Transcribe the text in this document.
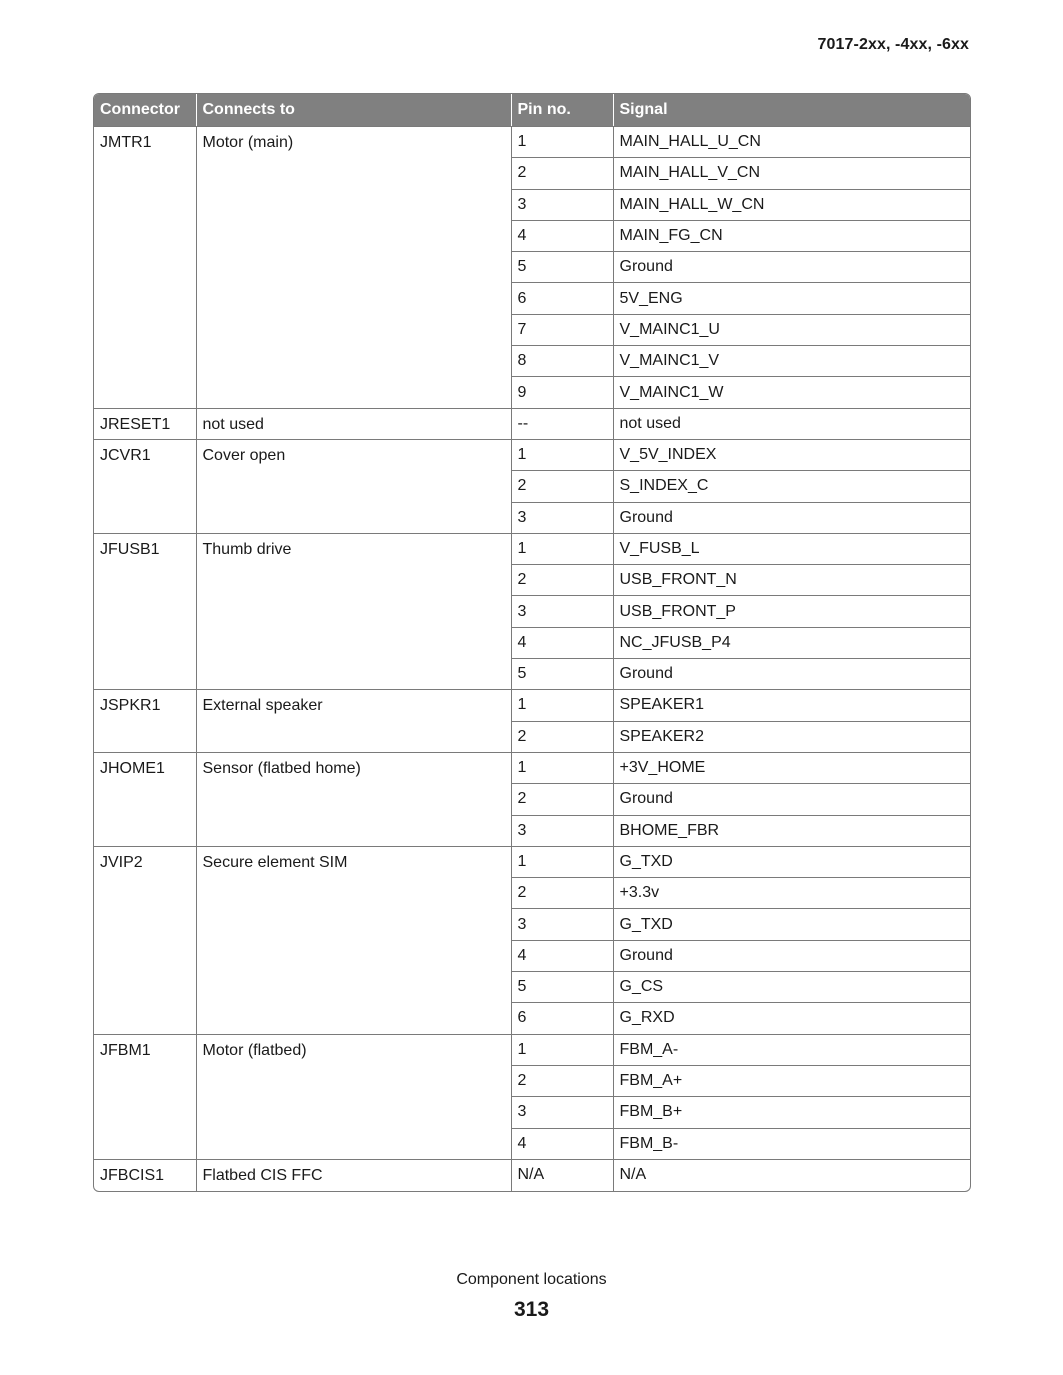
7017-2xx, -4xx, -6xx
Connector	Connects to	Pin no.	Signal
JMTR1	Motor (main)	1	MAIN_HALL_U_CN
		2	MAIN_HALL_V_CN
		3	MAIN_HALL_W_CN
		4	MAIN_FG_CN
		5	Ground
		6	5V_ENG
		7	V_MAINC1_U
		8	V_MAINC1_V
		9	V_MAINC1_W
JRESET1	not used	--	not used
JCVR1	Cover open	1	V_5V_INDEX
		2	S_INDEX_C
		3	Ground
JFUSB1	Thumb drive	1	V_FUSB_L
		2	USB_FRONT_N
		3	USB_FRONT_P
		4	NC_JFUSB_P4
		5	Ground
JSPKR1	External speaker	1	SPEAKER1
		2	SPEAKER2
JHOME1	Sensor (flatbed home)	1	+3V_HOME
		2	Ground
		3	BHOME_FBR
JVIP2	Secure element SIM	1	G_TXD
		2	+3.3v
		3	G_TXD
		4	Ground
		5	G_CS
		6	G_RXD
JFBM1	Motor (flatbed)	1	FBM_A-
		2	FBM_A+
		3	FBM_B+
		4	FBM_B-
JFBCIS1	Flatbed CIS FFC	N/A	N/A
Component locations
313
